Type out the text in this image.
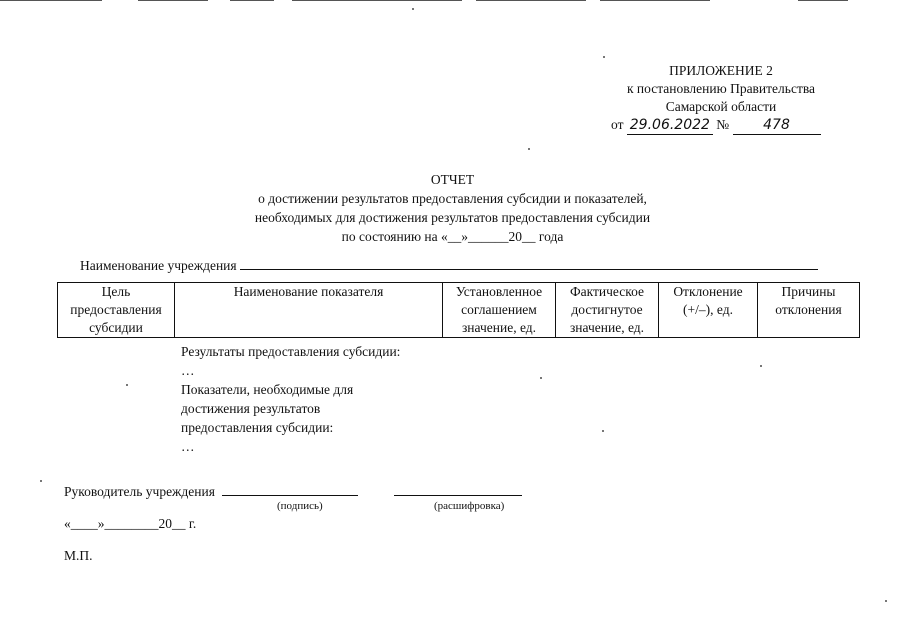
ПРИЛОЖЕНИЕ 2
к постановлению Правительства
Самарской области
от 29.06.2022 № 478
ОТЧЕТ
о достижении результатов предоставления субсидии и показателей,
необходимых для достижения результатов предоставления субсидии
по состоянию на «__»______20__ года
Наименование учреждения
Цель предоставления субсидии	Наименование показателя	Установленное соглашением значение, ед.	Фактическое достигнутое значение, ед.	Отклонение (+/–), ед.	Причины отклонения
Результаты предоставления субсидии:
…
Показатели, необходимые для
достижения результатов
предоставления субсидии:
…
Руководитель учреждения
(подпись)	(расшифровка)
«____»________20__ г.
М.П.
